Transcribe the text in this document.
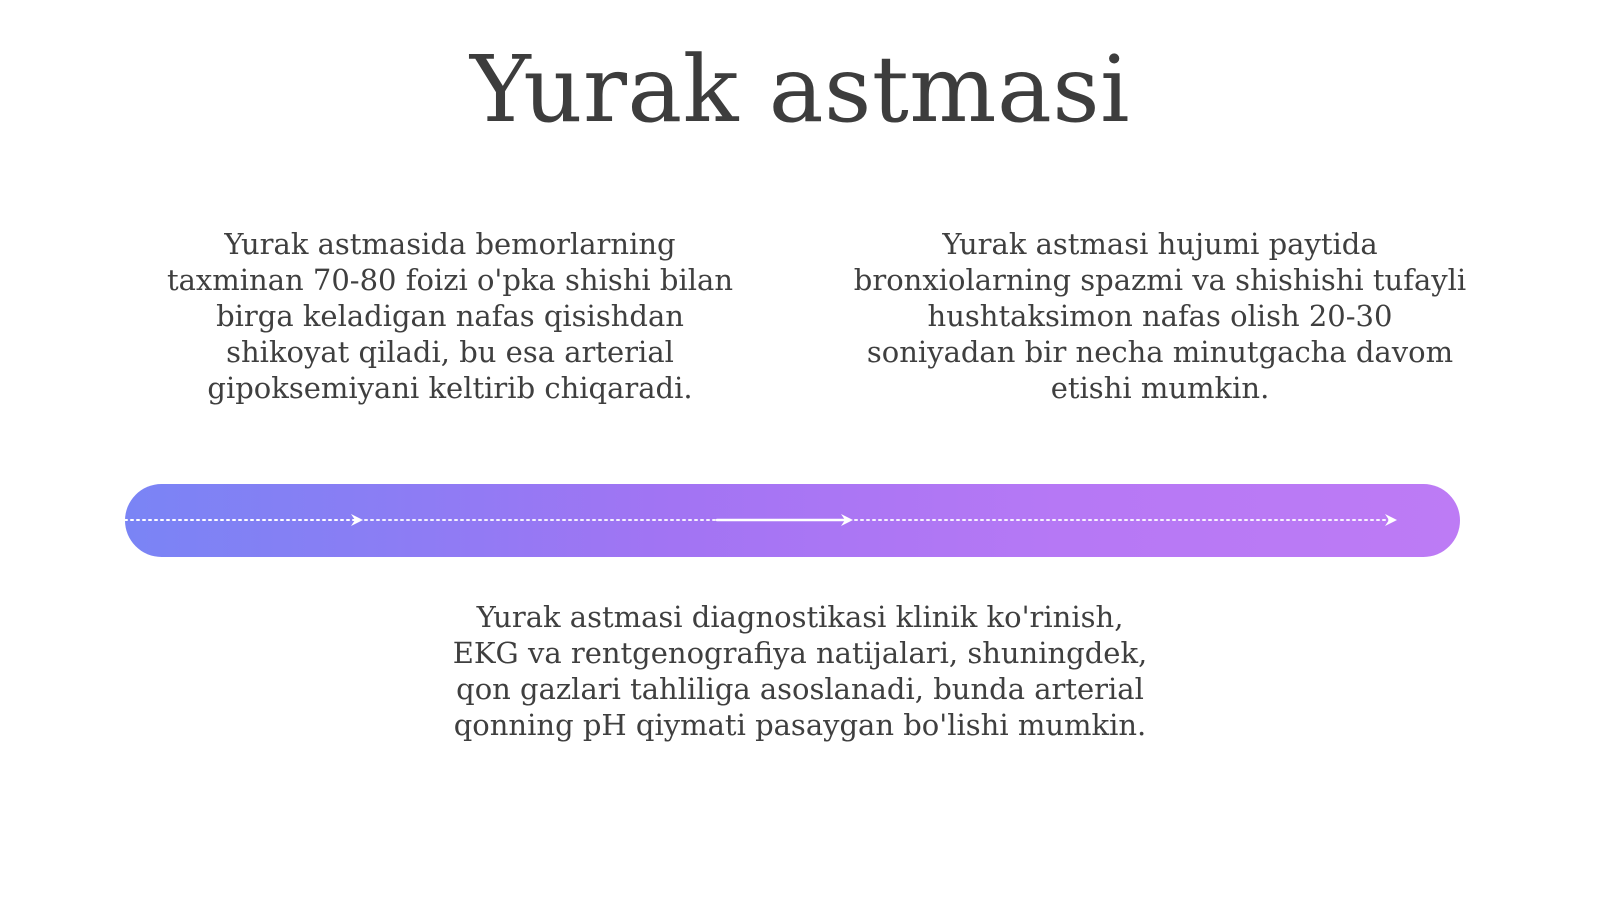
Yurak astmasi

Yurak astmasida bemorlarning taxminan 70-80 foizi o'pka shishi bilan birga keladigan nafas qisishdan shikoyat qiladi, bu esa arterial gipoksemiyani keltirib chiqaradi.

Yurak astmasi hujumi paytida bronxiolarning spazmi va shishishi tufayli hushtaksimon nafas olish 20-30 soniyadan bir necha minutgacha davom etishi mumkin.

Yurak astmasi diagnostikasi klinik ko'rinish, EKG va rentgenografiya natijalari, shuningdek, qon gazlari tahliliga asoslanadi, bunda arterial qonning pH qiymati pasaygan bo'lishi mumkin.
